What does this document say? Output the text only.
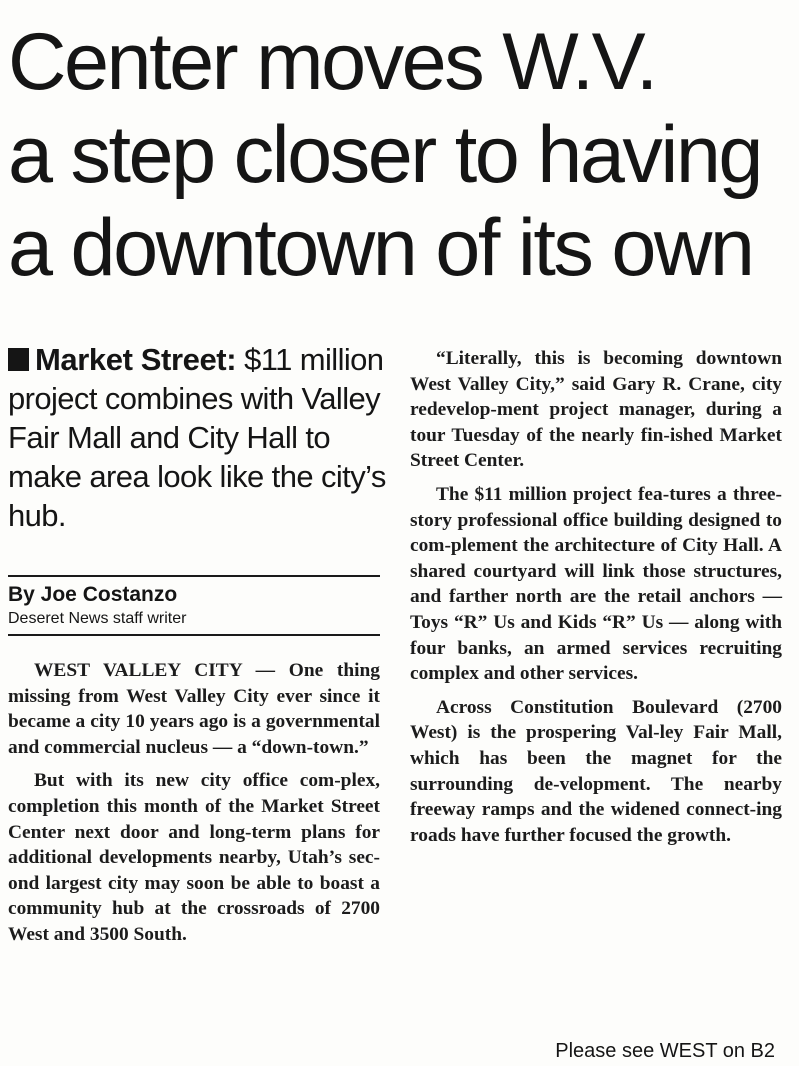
Center moves W.V.
a step closer to having
a downtown of its own
Market Street: $11 million project combines with Valley Fair Mall and City Hall to make area look like the city’s hub.
By Joe Costanzo
Deseret News staff writer

WEST VALLEY CITY — One thing missing from West Valley City ever since it became a city 10 years ago is a governmental and commercial nucleus — a “down-town.”

But with its new city office com-plex, completion this month of the Market Street Center next door and long-term plans for additional developments nearby, Utah’s sec-ond largest city may soon be able to boast a community hub at the crossroads of 2700 West and 3500 South.

“Literally, this is becoming downtown West Valley City,” said Gary R. Crane, city redevelop-ment project manager, during a tour Tuesday of the nearly fin-ished Market Street Center.

The $11 million project fea-tures a three-story professional office building designed to com-plement the architecture of City Hall. A shared courtyard will link those structures, and farther north are the retail anchors — Toys “R” Us and Kids “R” Us — along with four banks, an armed services recruiting complex and other services.

Across Constitution Boulevard (2700 West) is the prospering Val-ley Fair Mall, which has been the magnet for the surrounding de-velopment. The nearby freeway ramps and the widened connect-ing roads have further focused the growth.

Please see WEST on B2
